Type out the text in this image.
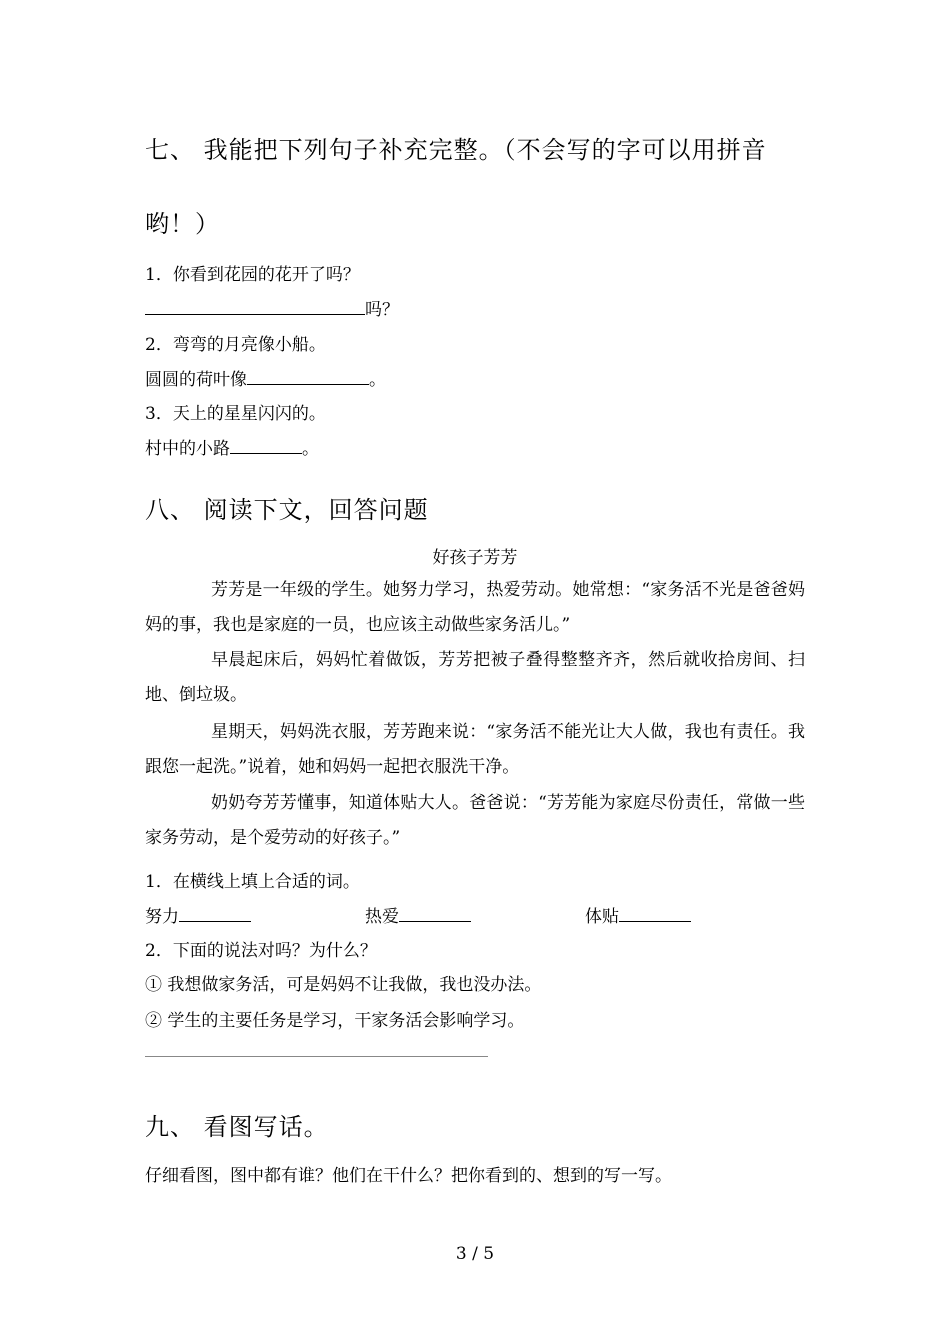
七、 我能把下列句子补充完整。（不会写的字可以用拼音
哟！）
1．你看到花园的花开了吗？
吗？
2．弯弯的月亮像小船。
圆圆的荷叶像	。
3．天上的星星闪闪的。
村中的小路	。
八、 阅读下文，回答问题
好孩子芳芳
芳芳是一年级的学生。她努力学习，热爱劳动。她常想：“家务活不光是爸爸妈妈的事，我也是家庭的一员，也应该主动做些家务活儿。”
早晨起床后，妈妈忙着做饭，芳芳把被子叠得整整齐齐，然后就收拾房间、扫地、倒垃圾。
星期天，妈妈洗衣服，芳芳跑来说：“家务活不能光让大人做，我也有责任。我跟您一起洗。”说着，她和妈妈一起把衣服洗干净。
奶奶夸芳芳懂事，知道体贴大人。爸爸说：“芳芳能为家庭尽份责任，常做一些家务劳动，是个爱劳动的好孩子。”
1．在横线上填上合适的词。
努力	热爱	体贴
2．下面的说法对吗？为什么？
① 我想做家务活，可是妈妈不让我做，我也没办法。
② 学生的主要任务是学习，干家务活会影响学习。
九、 看图写话。
仔细看图，图中都有谁？他们在干什么？把你看到的、想到的写一写。
3 / 5
